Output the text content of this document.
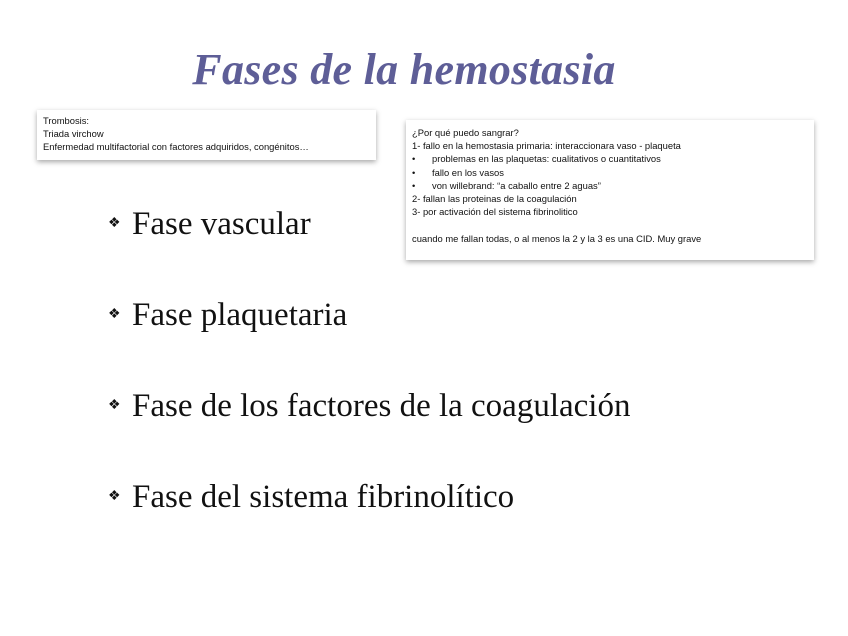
Fases de la hemostasia
Trombosis:
Triada virchow
Enfermedad multifactorial con factores adquiridos, congénitos…
¿Por qué puedo sangrar?
1- fallo en la hemostasia primaria: interaccionara vaso - plaqueta
• problemas en las plaquetas: cualitativos o cuantitativos
• fallo en los vasos
• von willebrand: “a caballo entre 2 aguas”
2- fallan las proteinas de la coagulación
3- por activación del sistema fibrinolitico
cuando me fallan todas, o al menos la 2 y la 3 es una CID. Muy grave
❖ Fase vascular
❖ Fase plaquetaria
❖ Fase de los factores de la coagulación
❖ Fase del sistema fibrinolítico
